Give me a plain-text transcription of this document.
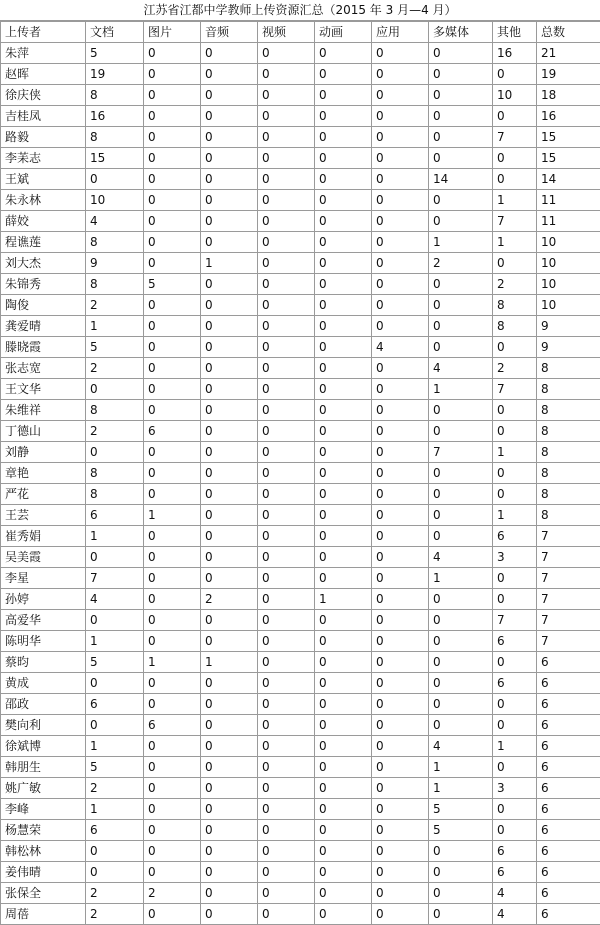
江苏省江都中学教师上传资源汇总（2015 年 3 月—4 月）
上传者	文档	图片	音频	视频	动画	应用	多媒体	其他	总数
朱萍	5	0	0	0	0	0	0	16	21
赵晖	19	0	0	0	0	0	0	0	19
徐庆侠	8	0	0	0	0	0	0	10	18
吉桂凤	16	0	0	0	0	0	0	0	16
路毅	8	0	0	0	0	0	0	7	15
李苿志	15	0	0	0	0	0	0	0	15
王斌	0	0	0	0	0	0	14	0	14
朱永林	10	0	0	0	0	0	0	1	11
薛姣	4	0	0	0	0	0	0	7	11
程谯莲	8	0	0	0	0	0	1	1	10
刘大杰	9	0	1	0	0	0	2	0	10
朱锦秀	8	5	0	0	0	0	0	2	10
陶俊	2	0	0	0	0	0	0	8	10
龚爱晴	1	0	0	0	0	0	0	8	9
滕晓霞	5	0	0	0	0	4	0	0	9
张志宽	2	0	0	0	0	0	4	2	8
王文华	0	0	0	0	0	0	1	7	8
朱维祥	8	0	0	0	0	0	0	0	8
丁德山	2	6	0	0	0	0	0	0	8
刘静	0	0	0	0	0	0	7	1	8
章艳	8	0	0	0	0	0	0	0	8
严花	8	0	0	0	0	0	0	0	8
王芸	6	1	0	0	0	0	0	1	8
崔秀娟	1	0	0	0	0	0	0	6	7
吴美霞	0	0	0	0	0	0	4	3	7
李星	7	0	0	0	0	0	1	0	7
孙婷	4	0	2	0	1	0	0	0	7
高爱华	0	0	0	0	0	0	0	7	7
陈明华	1	0	0	0	0	0	0	6	7
蔡昀	5	1	1	0	0	0	0	0	6
黄成	0	0	0	0	0	0	0	6	6
邵政	6	0	0	0	0	0	0	0	6
樊向利	0	6	0	0	0	0	0	0	6
徐斌博	1	0	0	0	0	0	4	1	6
韩朋生	5	0	0	0	0	0	1	0	6
姚广敏	2	0	0	0	0	0	1	3	6
李峰	1	0	0	0	0	0	5	0	6
杨慧荣	6	0	0	0	0	0	5	0	6
韩松林	0	0	0	0	0	0	0	6	6
姜伟晴	0	0	0	0	0	0	0	6	6
张保全	2	2	0	0	0	0	0	4	6
周蓓	2	0	0	0	0	0	0	4	6
